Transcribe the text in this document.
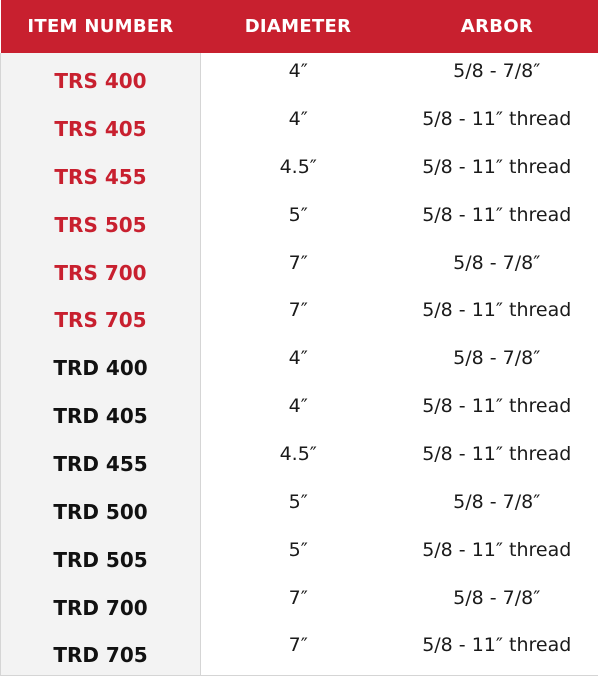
ITEM NUMBER	DIAMETER	ARBOR
TRS 400	4″	5/8 - 7/8″
TRS 405	4″	5/8 - 11″ thread
TRS 455	4.5″	5/8 - 11″ thread
TRS 505	5″	5/8 - 11″ thread
TRS 700	7″	5/8 - 7/8″
TRS 705	7″	5/8 - 11″ thread
TRD 400	4″	5/8 - 7/8″
TRD 405	4″	5/8 - 11″ thread
TRD 455	4.5″	5/8 - 11″ thread
TRD 500	5″	5/8 - 7/8″
TRD 505	5″	5/8 - 11″ thread
TRD 700	7″	5/8 - 7/8″
TRD 705	7″	5/8 - 11″ thread
